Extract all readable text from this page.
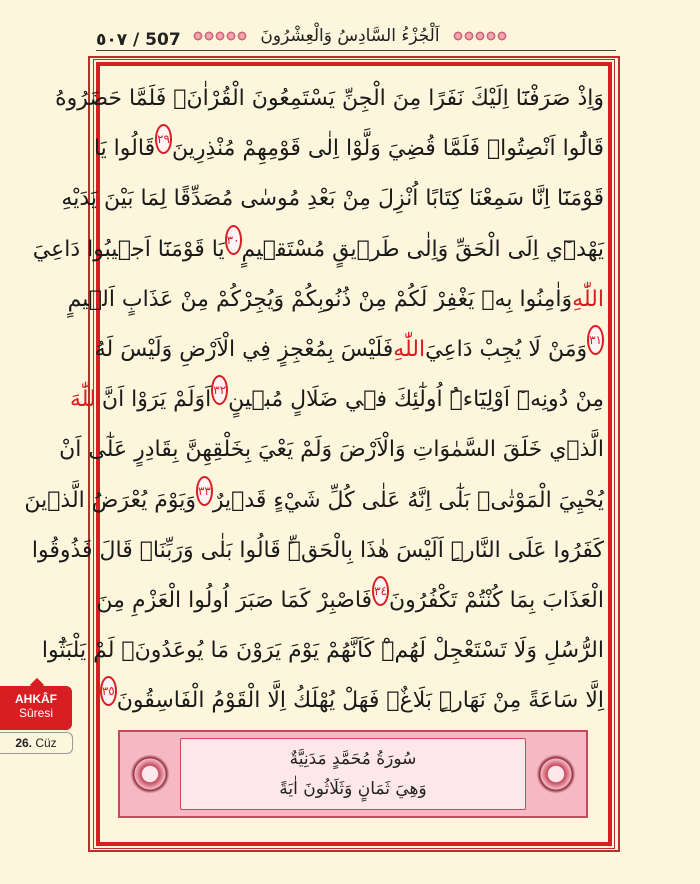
٥٠٧ / 507	اَلْجُزْءُ السَّادِسُ وَالْعِشْرُونَ
وَاِذْ صَرَفْنَٓا اِلَيْكَ نَفَرًا مِنَ الْجِنِّ يَسْتَمِعُونَ الْقُرْاٰنَۚ فَلَمَّا حَضَرُوهُ
قَالُٓوا اَنْصِتُواۚ فَلَمَّا قُضِيَ وَلَّوْا اِلٰى قَوْمِهِمْ مُنْذِرِينَ
٢٩
قَالُوا يَا
قَوْمَنَٓا اِنَّا سَمِعْنَا كِتَابًا اُنْزِلَ مِنْ بَعْدِ مُوسٰى مُصَدِّقًا لِمَا بَيْنَ يَدَيْهِ
يَهْدٖٓي اِلَى الْحَقِّ وَاِلٰى طَرٖيقٍ مُسْتَقٖيمٍ
٣٠
يَا قَوْمَنَٓا اَجٖيبُوا دَاعِيَ
اللّٰهِ
وَاٰمِنُوا بِهٖ يَغْفِرْ لَكُمْ مِنْ ذُنُوبِكُمْ وَيُجِرْكُمْ مِنْ عَذَابٍ اَلٖيمٍ
٣١
وَمَنْ لَا يُجِبْ دَاعِيَ
اللّٰهِ
فَلَيْسَ بِمُعْجِزٍ فِي الْاَرْضِ وَلَيْسَ لَهُ
مِنْ دُونِهٖٓ اَوْلِيَٓاءُۜ اُولٰٓئِكَ فٖي ضَلَالٍ مُبٖينٍ
٣٢
اَوَلَمْ يَرَوْا اَنَّ
اللّٰهَ
الَّذٖي خَلَقَ السَّمٰوَاتِ وَالْاَرْضَ وَلَمْ يَعْيَ بِخَلْقِهِنَّ بِقَادِرٍ عَلٰٓى اَنْ
يُحْيِيَ الْمَوْتٰىۜ بَلٰٓى اِنَّهُ عَلٰى كُلِّ شَيْءٍ قَدٖيرٌ
٣٣
وَيَوْمَ يُعْرَضُ الَّذٖينَ
كَفَرُوا عَلَى النَّارِۜ اَلَيْسَ هٰذَا بِالْحَقِّۜ قَالُوا بَلٰى وَرَبِّنَاۜ قَالَ فَذُوقُوا
الْعَذَابَ بِمَا كُنْتُمْ تَكْفُرُونَ
٣٤
فَاصْبِرْ كَمَا صَبَرَ اُولُوا الْعَزْمِ مِنَ
الرُّسُلِ وَلَا تَسْتَعْجِلْ لَهُمْۜ كَاَنَّهُمْ يَوْمَ يَرَوْنَ مَا يُوعَدُونَۙ لَمْ يَلْبَثُٓوا
اِلَّا سَاعَةً مِنْ نَهَارٍۜ بَلَاغٌۚ فَهَلْ يُهْلَكُ اِلَّا الْقَوْمُ الْفَاسِقُونَ
٣٥
سُورَةُ مُحَمَّدٍ مَدَنِيَّةٌ
وَهِيَ ثَمَانٍ وَثَلَاثُونَ اٰيَةً
AHKÂF
Sûresi
26. Cüz
